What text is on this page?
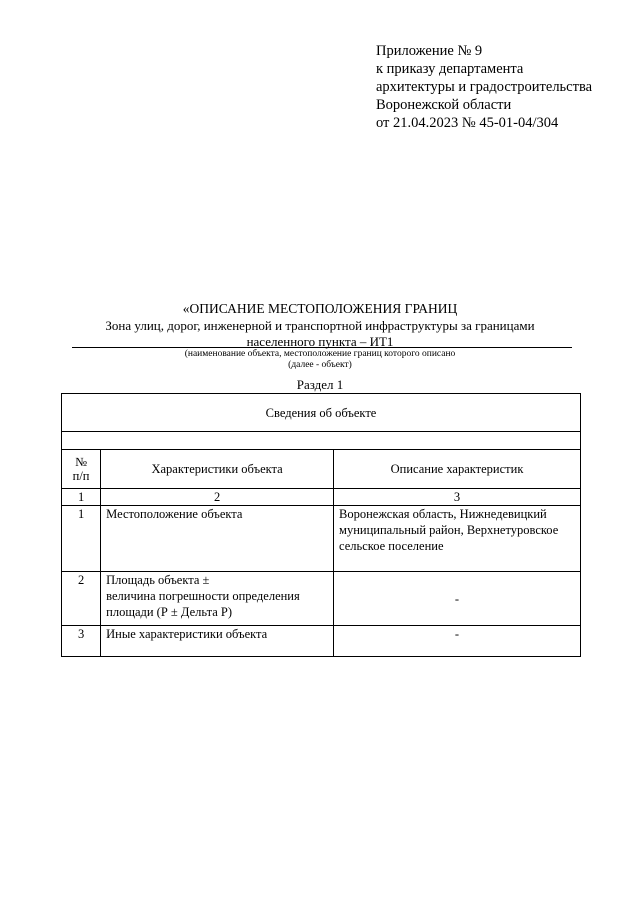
Приложение № 9
к приказу департамента
архитектуры и градостроительства
Воронежской области
от 21.04.2023 № 45-01-04/304
«ОПИСАНИЕ МЕСТОПОЛОЖЕНИЯ ГРАНИЦ
Зона улиц, дорог, инженерной и транспортной инфраструктуры за границами
населенного пункта – ИТ1
(наименование объекта, местоположение границ которого описано
(далее - объект)
Раздел 1
Сведения об объекте		

№
п/п	Характеристики объекта	Описание характеристик
1	2	3
1	Местоположение объекта	Воронежская область, Нижнедевицкий муниципальный район, Верхнетуровское сельское поселение
2	Площадь объекта ±
величина погрешности определения площади (Р ± Дельта Р)	-
3	Иные характеристики объекта	-
